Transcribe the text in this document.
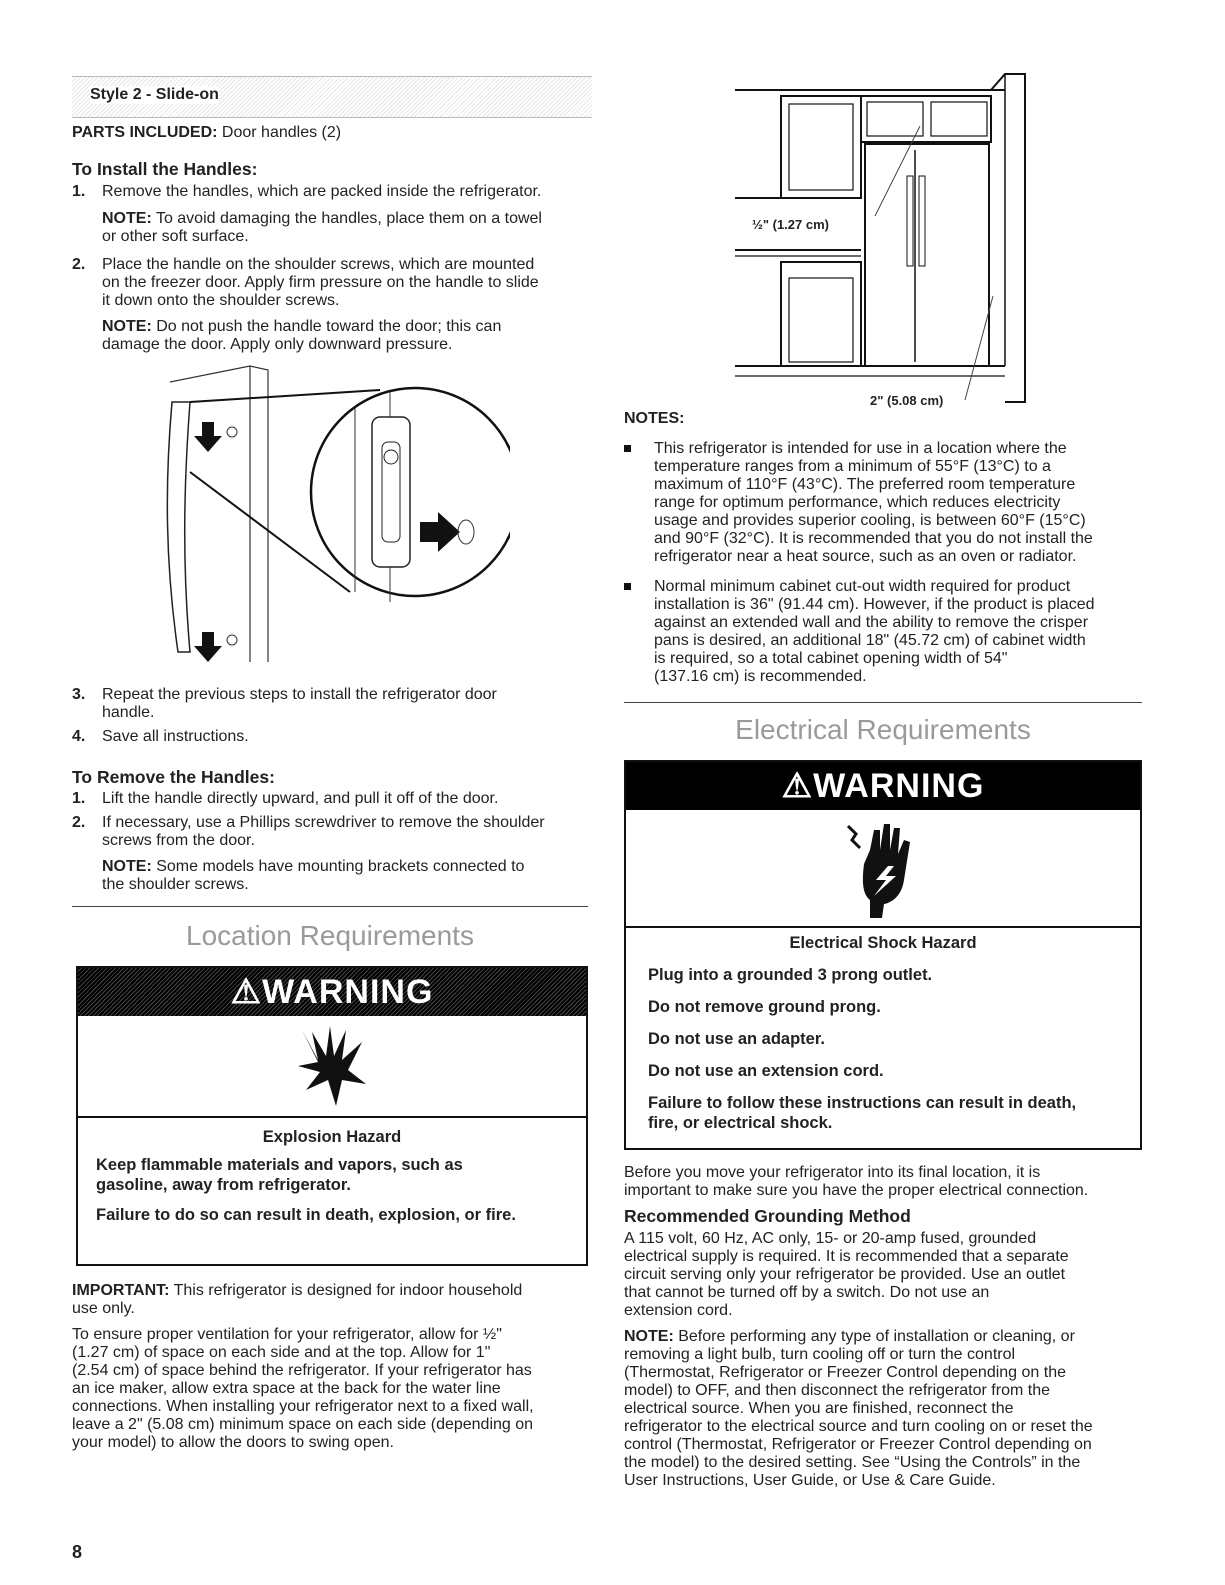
Style 2 - Slide-on
PARTS INCLUDED: Door handles (2)
To Install the Handles:
1. Remove the handles, which are packed inside the refrigerator.
NOTE: To avoid damaging the handles, place them on a towel
or other soft surface.
2. Place the handle on the shoulder screws, which are mounted
on the freezer door. Apply firm pressure on the handle to slide
it down onto the shoulder screws.
NOTE: Do not push the handle toward the door; this can
damage the door. Apply only downward pressure.
3. Repeat the previous steps to install the refrigerator door
handle.
4. Save all instructions.
To Remove the Handles:
1. Lift the handle directly upward, and pull it off of the door.
2. If necessary, use a Phillips screwdriver to remove the shoulder
screws from the door.
NOTE: Some models have mounting brackets connected to
the shoulder screws.
Location Requirements
⚠WARNING
Explosion Hazard
Keep flammable materials and vapors, such as
gasoline, away from refrigerator.
Failure to do so can result in death, explosion, or fire.
IMPORTANT: This refrigerator is designed for indoor household
use only.
To ensure proper ventilation for your refrigerator, allow for ½"
(1.27 cm) of space on each side and at the top. Allow for 1"
(2.54 cm) of space behind the refrigerator. If your refrigerator has
an ice maker, allow extra space at the back for the water line
connections. When installing your refrigerator next to a fixed wall,
leave a 2" (5.08 cm) minimum space on each side (depending on
your model) to allow the doors to swing open.
8
½" (1.27 cm)
2" (5.08 cm)
NOTES:
This refrigerator is intended for use in a location where the
temperature ranges from a minimum of 55°F (13°C) to a
maximum of 110°F (43°C). The preferred room temperature
range for optimum performance, which reduces electricity
usage and provides superior cooling, is between 60°F (15°C)
and 90°F (32°C). It is recommended that you do not install the
refrigerator near a heat source, such as an oven or radiator.
Normal minimum cabinet cut-out width required for product
installation is 36" (91.44 cm). However, if the product is placed
against an extended wall and the ability to remove the crisper
pans is desired, an additional 18" (45.72 cm) of cabinet width
is required, so a total cabinet opening width of 54"
(137.16 cm) is recommended.
Electrical Requirements
⚠WARNING
Electrical Shock Hazard
Plug into a grounded 3 prong outlet.
Do not remove ground prong.
Do not use an adapter.
Do not use an extension cord.
Failure to follow these instructions can result in death,
fire, or electrical shock.
Before you move your refrigerator into its final location, it is
important to make sure you have the proper electrical connection.
Recommended Grounding Method
A 115 volt, 60 Hz, AC only, 15- or 20-amp fused, grounded
electrical supply is required. It is recommended that a separate
circuit serving only your refrigerator be provided. Use an outlet
that cannot be turned off by a switch. Do not use an
extension cord.
NOTE: Before performing any type of installation or cleaning, or
removing a light bulb, turn cooling off or turn the control
(Thermostat, Refrigerator or Freezer Control depending on the
model) to OFF, and then disconnect the refrigerator from the
electrical source. When you are finished, reconnect the
refrigerator to the electrical source and turn cooling on or reset the
control (Thermostat, Refrigerator or Freezer Control depending on
the model) to the desired setting. See “Using the Controls” in the
User Instructions, User Guide, or Use & Care Guide.
